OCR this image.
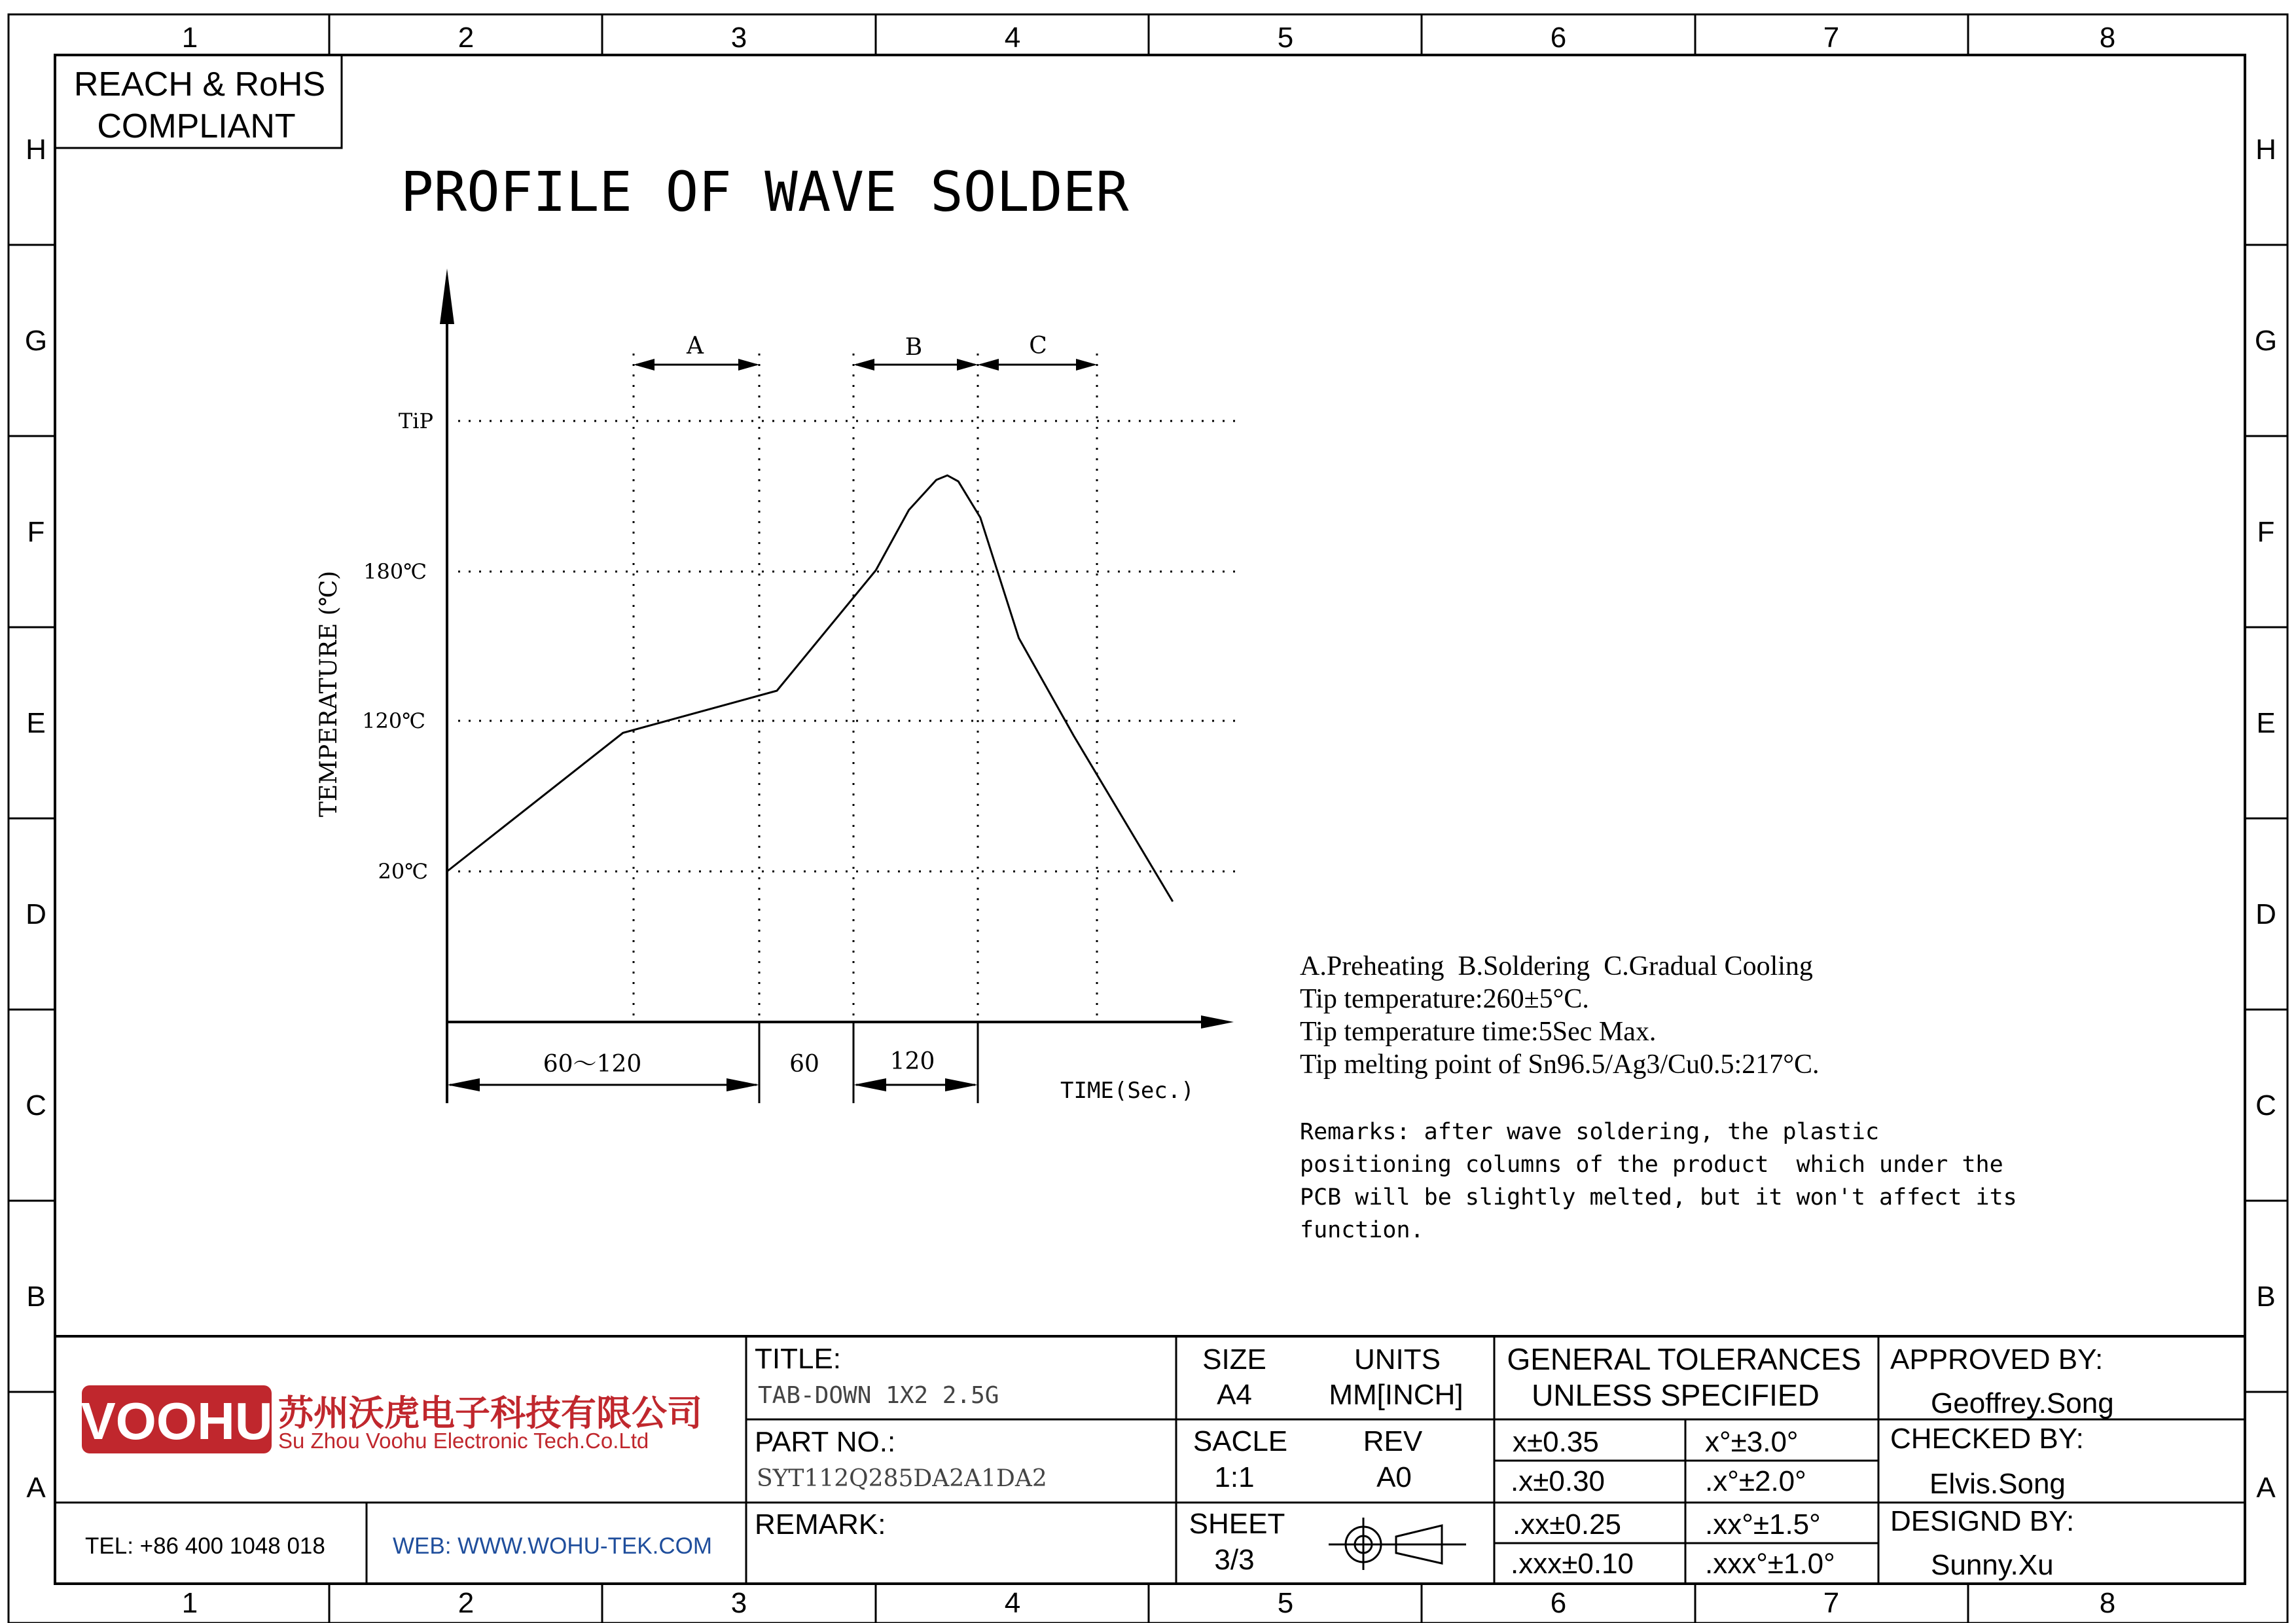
1	2	3	4	5	6	7	8
1	2	3	4	5	6	7	8
H
G
F
E
D
C
B
A
H
G
F
E
D
C
B
A
REACH & RoHS
COMPLIANT
PROFILE OF WAVE SOLDER
20℃
120℃
180℃
TiP
TEMPERATURE (℃)
A	B	C
60～120	60	120
TIME(Sec.)
A.Preheating  B.Soldering  C.Gradual Cooling
Tip temperature:260±5°C.
Tip temperature time:5Sec Max.
Tip melting point of Sn96.5/Ag3/Cu0.5:217°C.
Remarks: after wave soldering, the plastic
positioning columns of the product  which under the
PCB will be slightly melted, but it won't affect its
function.
VOOHU 苏州沃虎电子科技有限公司
Su Zhou Voohu Electronic Tech.Co.Ltd
TEL: +86 400 1048 018	WEB: WWW.WOHU-TEK.COM
TITLE:
TAB-DOWN 1X2 2.5G
PART NO.:
SYT112Q285DA2A1DA2
REMARK:
SIZE
A4
UNITS
MM[INCH]
SACLE
1:1
REV
A0
SHEET
3/3
GENERAL TOLERANCES
UNLESS SPECIFIED
x±0.35	x°±3.0°
.x±0.30	.x°±2.0°
.xx±0.25	.xx°±1.5°
.xxx±0.10 .xxx°±1.0°
APPROVED BY:
Geoffrey.Song
CHECKED BY:
Elvis.Song
DESIGND BY:
Sunny.Xu
